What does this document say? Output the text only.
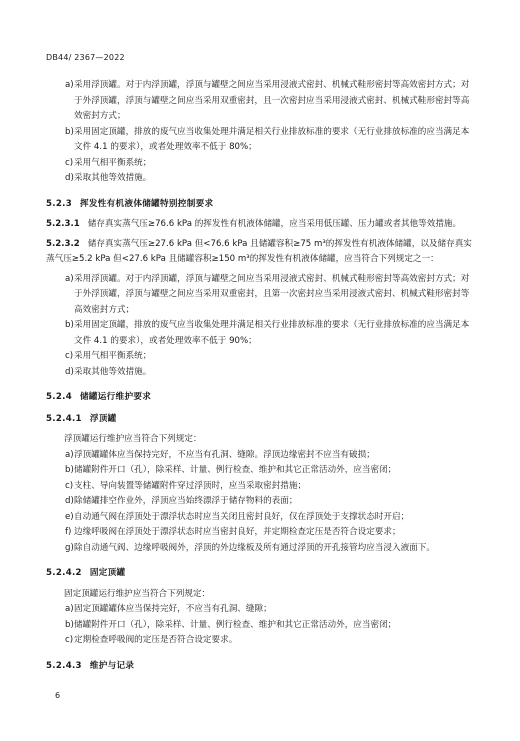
DB44/ 2367—2022
a) 采用浮顶罐。对于内浮顶罐，浮顶与罐壁之间应当采用浸液式密封、机械式鞋形密封等高效密封方式；对于外浮顶罐，浮顶与罐壁之间应当采用双重密封，且一次密封应当采用浸液式密封、机械式鞋形密封等高效密封方式；
b) 采用固定顶罐，排放的废气应当收集处理并满足相关行业排放标准的要求（无行业排放标准的应当满足本文件 4.1 的要求），或者处理效率不低于 80%；
c) 采用气相平衡系统；
d) 采取其他等效措施。
5.2.3 挥发性有机液体储罐特别控制要求
5.2.3.1 储存真实蒸气压≥76.6 kPa 的挥发性有机液体储罐，应当采用低压罐、压力罐或者其他等效措施。
5.2.3.2 储存真实蒸气压≥27.6 kPa 但<76.6 kPa 且储罐容积≥75 m³的挥发性有机液体储罐，以及储存真实蒸气压≥5.2 kPa 但<27.6 kPa 且储罐容积≥150 m³的挥发性有机液体储罐，应当符合下列规定之一：
a) 采用浮顶罐。对于内浮顶罐，浮顶与罐壁之间应当采用浸液式密封、机械式鞋形密封等高效密封方式；对于外浮顶罐，浮顶与罐壁之间应当采用双重密封，且第一次密封应当采用浸液式密封、机械式鞋形密封等高效密封方式；
b) 采用固定顶罐，排放的废气应当收集处理并满足相关行业排放标准的要求（无行业排放标准的应当满足本文件 4.1 的要求），或者处理效率不低于 90%；
c) 采用气相平衡系统；
d) 采取其他等效措施。
5.2.4 储罐运行维护要求
5.2.4.1 浮顶罐
浮顶罐运行维护应当符合下列规定：
a) 浮顶罐罐体应当保持完好，不应当有孔洞、缝隙。浮顶边缘密封不应当有破损；
b) 储罐附件开口（孔），除采样、计量、例行检查、维护和其它正常活动外，应当密闭；
c) 支柱、导向装置等储罐附件穿过浮顶时，应当采取密封措施；
d) 除储罐排空作业外，浮顶应当始终漂浮于储存物料的表面；
e) 自动通气阀在浮顶处于漂浮状态时应当关闭且密封良好，仅在浮顶处于支撑状态时开启；
f) 边缘呼吸阀在浮顶处于漂浮状态时应当密封良好，并定期检查定压是否符合设定要求；
g) 除自动通气阀、边缘呼吸阀外，浮顶的外边缘板及所有通过浮顶的开孔接管均应当浸入液面下。
5.2.4.2 固定顶罐
固定顶罐运行维护应当符合下列规定：
a) 固定顶罐罐体应当保持完好，不应当有孔洞、缝隙；
b) 储罐附件开口（孔），除采样、计量、例行检查、维护和其它正常活动外，应当密闭；
c) 定期检查呼吸阀的定压是否符合设定要求。
5.2.4.3 维护与记录
6
